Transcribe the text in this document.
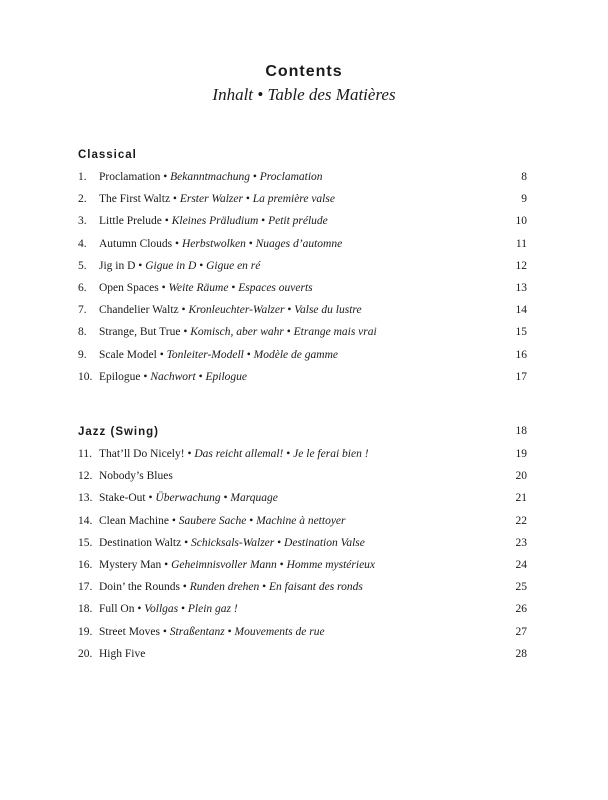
Contents
Inhalt • Table des Matières
Classical
1. Proclamation • Bekanntmachung • Proclamation	8
2. The First Waltz • Erster Walzer • La première valse	9
3. Little Prelude • Kleines Präludium • Petit prélude	10
4. Autumn Clouds • Herbstwolken • Nuages d’automne	11
5. Jig in D • Gigue in D • Gigue en ré	12
6. Open Spaces • Weite Räume • Espaces ouverts	13
7. Chandelier Waltz • Kronleuchter-Walzer • Valse du lustre	14
8. Strange, But True • Komisch, aber wahr • Etrange mais vrai	15
9. Scale Model • Tonleiter-Modell • Modèle de gamme	16
10. Epilogue • Nachwort • Epilogue	17
Jazz (Swing)	18
11. That’ll Do Nicely! • Das reicht allemal! • Je le ferai bien !	19
12. Nobody’s Blues	20
13. Stake-Out • Überwachung • Marquage	21
14. Clean Machine • Saubere Sache • Machine à nettoyer	22
15. Destination Waltz • Schicksals-Walzer • Destination Valse	23
16. Mystery Man • Geheimnisvoller Mann • Homme mystérieux	24
17. Doin’ the Rounds • Runden drehen • En faisant des ronds	25
18. Full On • Vollgas • Plein gaz !	26
19. Street Moves • Straßentanz • Mouvements de rue	27
20. High Five	28
